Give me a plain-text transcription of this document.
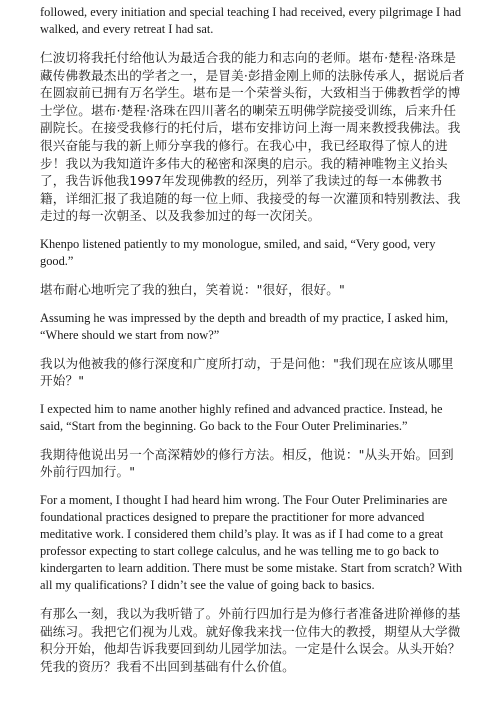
followed, every initiation and special teaching I had received, every pilgrimage I had walked, and every retreat I had sat.

仁波切将我托付给他认为最适合我的能力和志向的老师。堪布·楚程·洛珠是藏传佛教最杰出的学者之一，是冒美·彭措金刚上师的法脉传承人，据说后者在圆寂前已拥有万名学生。堪布是一个荣誉头衔，大致相当于佛教哲学的博士学位。堪布·楚程·洛珠在四川著名的喇荣五明佛学院接受训练，后来升任副院长。在接受我修行的托付后，堪布安排访问上海一周来教授我佛法。我很兴奋能与我的新上师分享我的修行。在我心中，我已经取得了惊人的进步！我以为我知道许多伟大的秘密和深奥的启示。我的精神唯物主义抬头了，我告诉他我1997年发现佛教的经历，列举了我读过的每一本佛教书籍，详细汇报了我追随的每一位上师、我接受的每一次灌顶和特别教法、我走过的每一次朝圣、以及我参加过的每一次闭关。

Khenpo listened patiently to my monologue, smiled, and said, “Very good, very good.”

堪布耐心地听完了我的独白，笑着说："很好，很好。"

Assuming he was impressed by the depth and breadth of my practice, I asked him, “Where should we start from now?”

我以为他被我的修行深度和广度所打动，于是问他："我们现在应该从哪里开始？"

I expected him to name another highly refined and advanced practice. Instead, he said, “Start from the beginning. Go back to the Four Outer Preliminaries.”

我期待他说出另一个高深精妙的修行方法。相反，他说："从头开始。回到外前行四加行。"

For a moment, I thought I had heard him wrong. The Four Outer Preliminaries are foundational practices designed to prepare the practitioner for more advanced meditative work. I considered them child’s play. It was as if I had come to a great professor expecting to start college calculus, and he was telling me to go back to kindergarten to learn addition. There must be some mistake. Start from scratch? With all my qualifications? I didn’t see the value of going back to basics.

有那么一刻，我以为我听错了。外前行四加行是为修行者准备进阶禅修的基础练习。我把它们视为儿戏。就好像我来找一位伟大的教授，期望从大学微积分开始，他却告诉我要回到幼儿园学加法。一定是什么误会。从头开始？凭我的资历？我看不出回到基础有什么价值。
